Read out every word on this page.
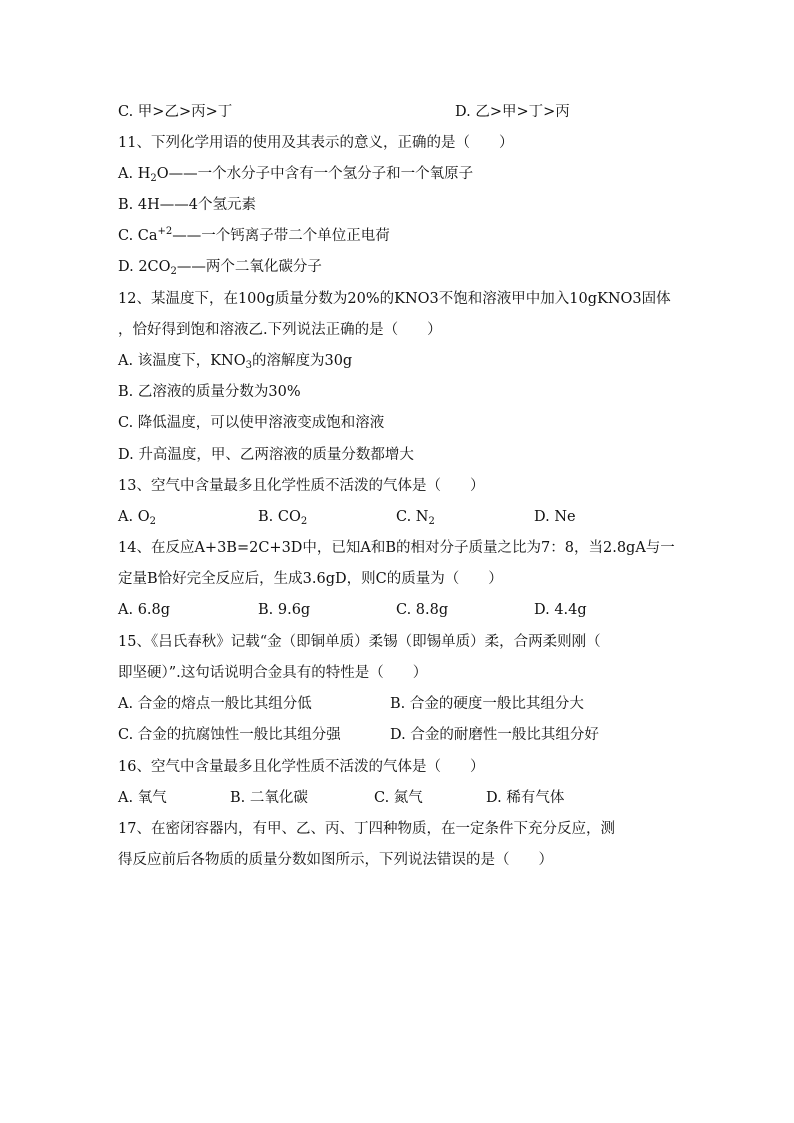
C. 甲>乙>丙>丁	D. 乙>甲>丁>丙
11、下列化学用语的使用及其表示的意义，正确的是（　　）
A. $H_2O——$一个水分子中含有一个氢分子和一个氧原子
B. 4H——4个氢元素
C. $Ca^{+2}——$一个钙离子带二个单位正电荷
D. $2CO_2——$两个二氧化碳分子
12、某温度下，在100g质量分数为20%的KNO3不饱和溶液甲中加入10gKNO3固体
，恰好得到饱和溶液乙.下列说法正确的是（　　）
A. 该温度下，$KNO_3$的溶解度为30g
B. 乙溶液的质量分数为30%
C. 降低温度，可以使甲溶液变成饱和溶液
D. 升高温度，甲、乙两溶液的质量分数都增大
13、空气中含量最多且化学性质不活泼的气体是（　　）
A. $O_2$	B. $CO_2$	C. $N_2$	D. Ne
14、在反应A+3B=2C+3D中，已知A和B的相对分子质量之比为7：8，当2.8gA与一
定量B恰好完全反应后，生成3.6gD，则C的质量为（　　）
A. 6.8g	B. 9.6g	C. 8.8g	D. 4.4g
15、《吕氏春秋》记载“金（即铜单质）柔锡（即锡单质）柔，合两柔则刚（
即坚硬）”.这句话说明合金具有的特性是（　　）
A. 合金的熔点一般比其组分低	B. 合金的硬度一般比其组分大
C. 合金的抗腐蚀性一般比其组分强	D. 合金的耐磨性一般比其组分好
16、空气中含量最多且化学性质不活泼的气体是（　　）
A. 氧气	B. 二氧化碳	C. 氮气	D. 稀有气体
17、在密闭容器内，有甲、乙、丙、丁四种物质，在一定条件下充分反应，测
得反应前后各物质的质量分数如图所示，下列说法错误的是（　　）
